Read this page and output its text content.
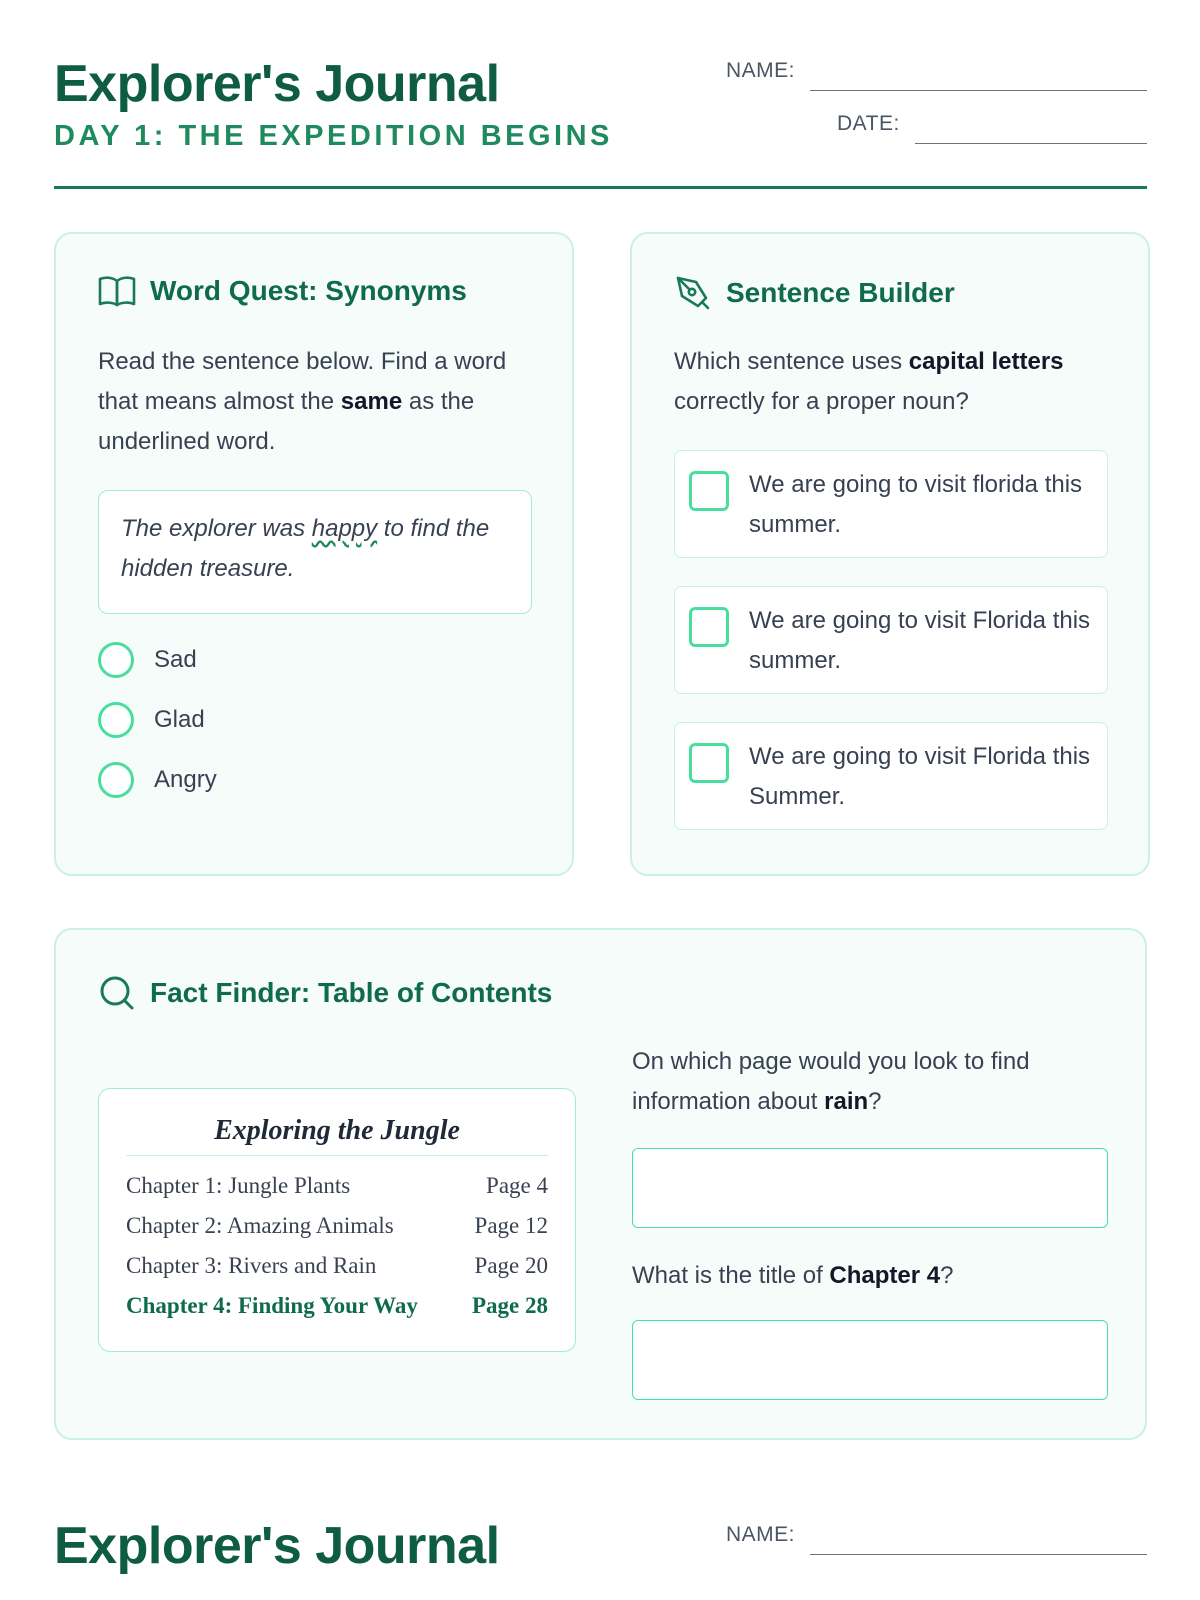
Explorer's Journal
DAY 1: THE EXPEDITION BEGINS
NAME:
DATE:
Word Quest: Synonyms
Read the sentence below. Find a word that means almost the same as the underlined word.
The explorer was happy to find the hidden treasure.
Sad
Glad
Angry
Sentence Builder
Which sentence uses capital letters correctly for a proper noun?
We are going to visit florida this summer.
We are going to visit Florida this summer.
We are going to visit Florida this Summer.
Fact Finder: Table of Contents
Exploring the Jungle
Chapter 1: Jungle Plants	Page 4
Chapter 2: Amazing Animals	Page 12
Chapter 3: Rivers and Rain	Page 20
Chapter 4: Finding Your Way Page 28
On which page would you look to find information about rain?
What is the title of Chapter 4?
Explorer's Journal	NAME:
